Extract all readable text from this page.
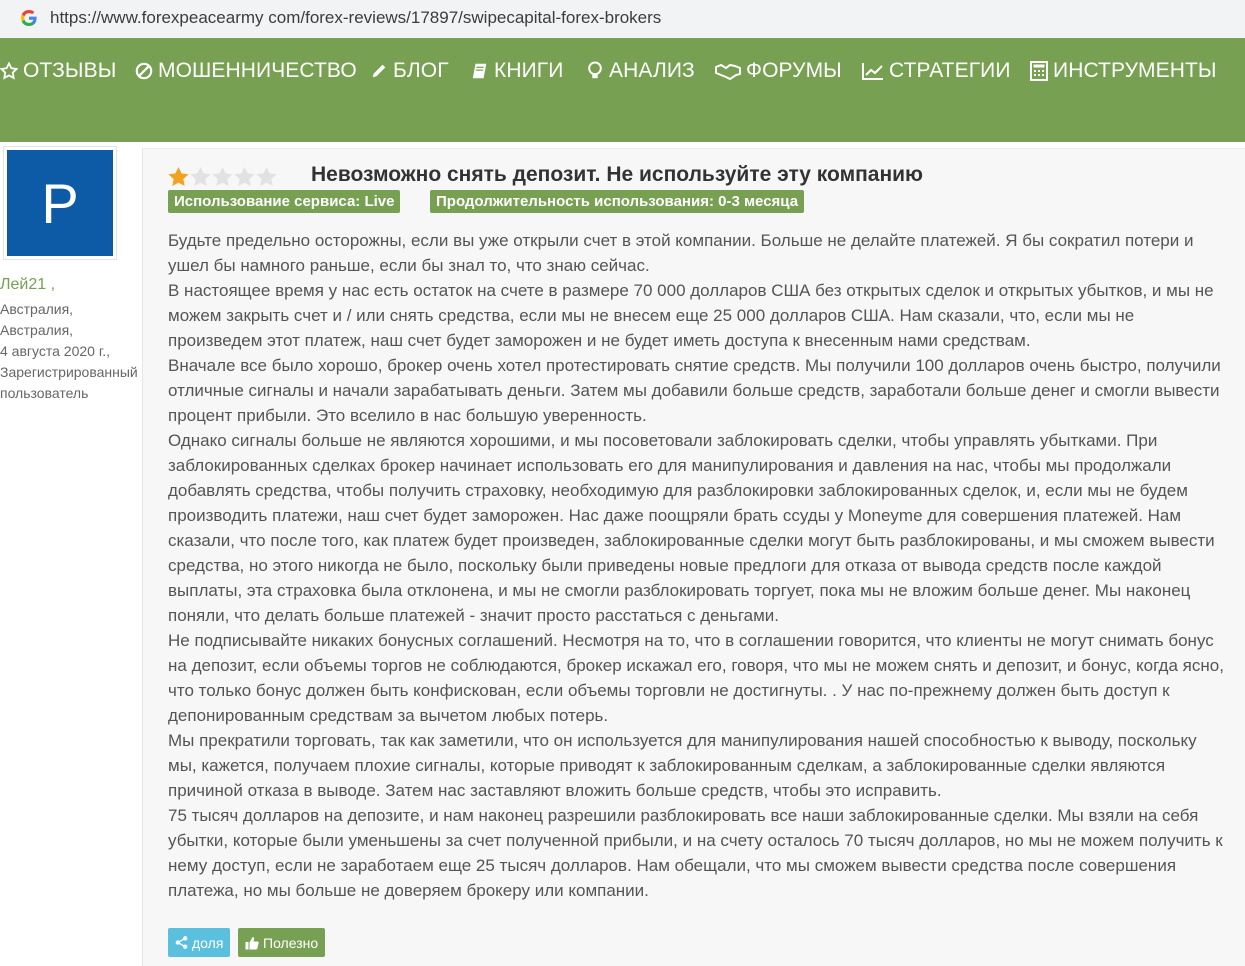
https://www.forexpeacearmy com/forex-reviews/17897/swipecapital-forex-brokers
ОТЗЫВЫ МОШЕННИЧЕСТВО БЛОГ КНИГИ АНАЛИЗ ФОРУМЫ СТРАТЕГИИ ИНСТРУМЕНТЫ
P
Лей21 ,
Австралия,
Австралия,
4 августа 2020 г.,
Зарегистрированный
пользователь
Невозможно снять депозит. Не используйте эту компанию
Использование сервиса: Live	Продолжительность использования: 0-3 месяца

Будьте предельно осторожны, если вы уже открыли счет в этой компании. Больше не делайте платежей. Я бы сократил потери и ушел бы намного раньше, если бы знал то, что знаю сейчас.

В настоящее время у нас есть остаток на счете в размере 70 000 долларов США без открытых сделок и открытых убытков, и мы не можем закрыть счет и / или снять средства, если мы не внесем еще 25 000 долларов США. Нам сказали, что, если мы не произведем этот платеж, наш счет будет заморожен и не будет иметь доступа к внесенным нами средствам.

Вначале все было хорошо, брокер очень хотел протестировать снятие средств. Мы получили 100 долларов очень быстро, получили отличные сигналы и начали зарабатывать деньги. Затем мы добавили больше средств, заработали больше денег и смогли вывести процент прибыли. Это вселило в нас большую уверенность.

Однако сигналы больше не являются хорошими, и мы посоветовали заблокировать сделки, чтобы управлять убытками. При заблокированных сделках брокер начинает использовать его для манипулирования и давления на нас, чтобы мы продолжали добавлять средства, чтобы получить страховку, необходимую для разблокировки заблокированных сделок, и, если мы не будем производить платежи, наш счет будет заморожен. Нас даже поощряли брать ссуды у Moneyme для совершения платежей. Нам сказали, что после того, как платеж будет произведен, заблокированные сделки могут быть разблокированы, и мы сможем вывести средства, но этого никогда не было, поскольку были приведены новые предлоги для отказа от вывода средств после каждой выплаты, эта страховка была отклонена, и мы не смогли разблокировать торгует, пока мы не вложим больше денег. Мы наконец поняли, что делать больше платежей - значит просто расстаться с деньгами.

Не подписывайте никаких бонусных соглашений. Несмотря на то, что в соглашении говорится, что клиенты не могут снимать бонус на депозит, если объемы торгов не соблюдаются, брокер искажал его, говоря, что мы не можем снять и депозит, и бонус, когда ясно, что только бонус должен быть конфискован, если объемы торговли не достигнуты. . У нас по-прежнему должен быть доступ к депонированным средствам за вычетом любых потерь.

Мы прекратили торговать, так как заметили, что он используется для манипулирования нашей способностью к выводу, поскольку мы, кажется, получаем плохие сигналы, которые приводят к заблокированным сделкам, а заблокированные сделки являются причиной отказа в выводе. Затем нас заставляют вложить больше средств, чтобы это исправить.

75 тысяч долларов на депозите, и нам наконец разрешили разблокировать все наши заблокированные сделки. Мы взяли на себя убытки, которые были уменьшены за счет полученной прибыли, и на счету осталось 70 тысяч долларов, но мы не можем получить к нему доступ, если не заработаем еще 25 тысяч долларов. Нам обещали, что мы сможем вывести средства после совершения платежа, но мы больше не доверяем брокеру или компании.

доля	Полезно
